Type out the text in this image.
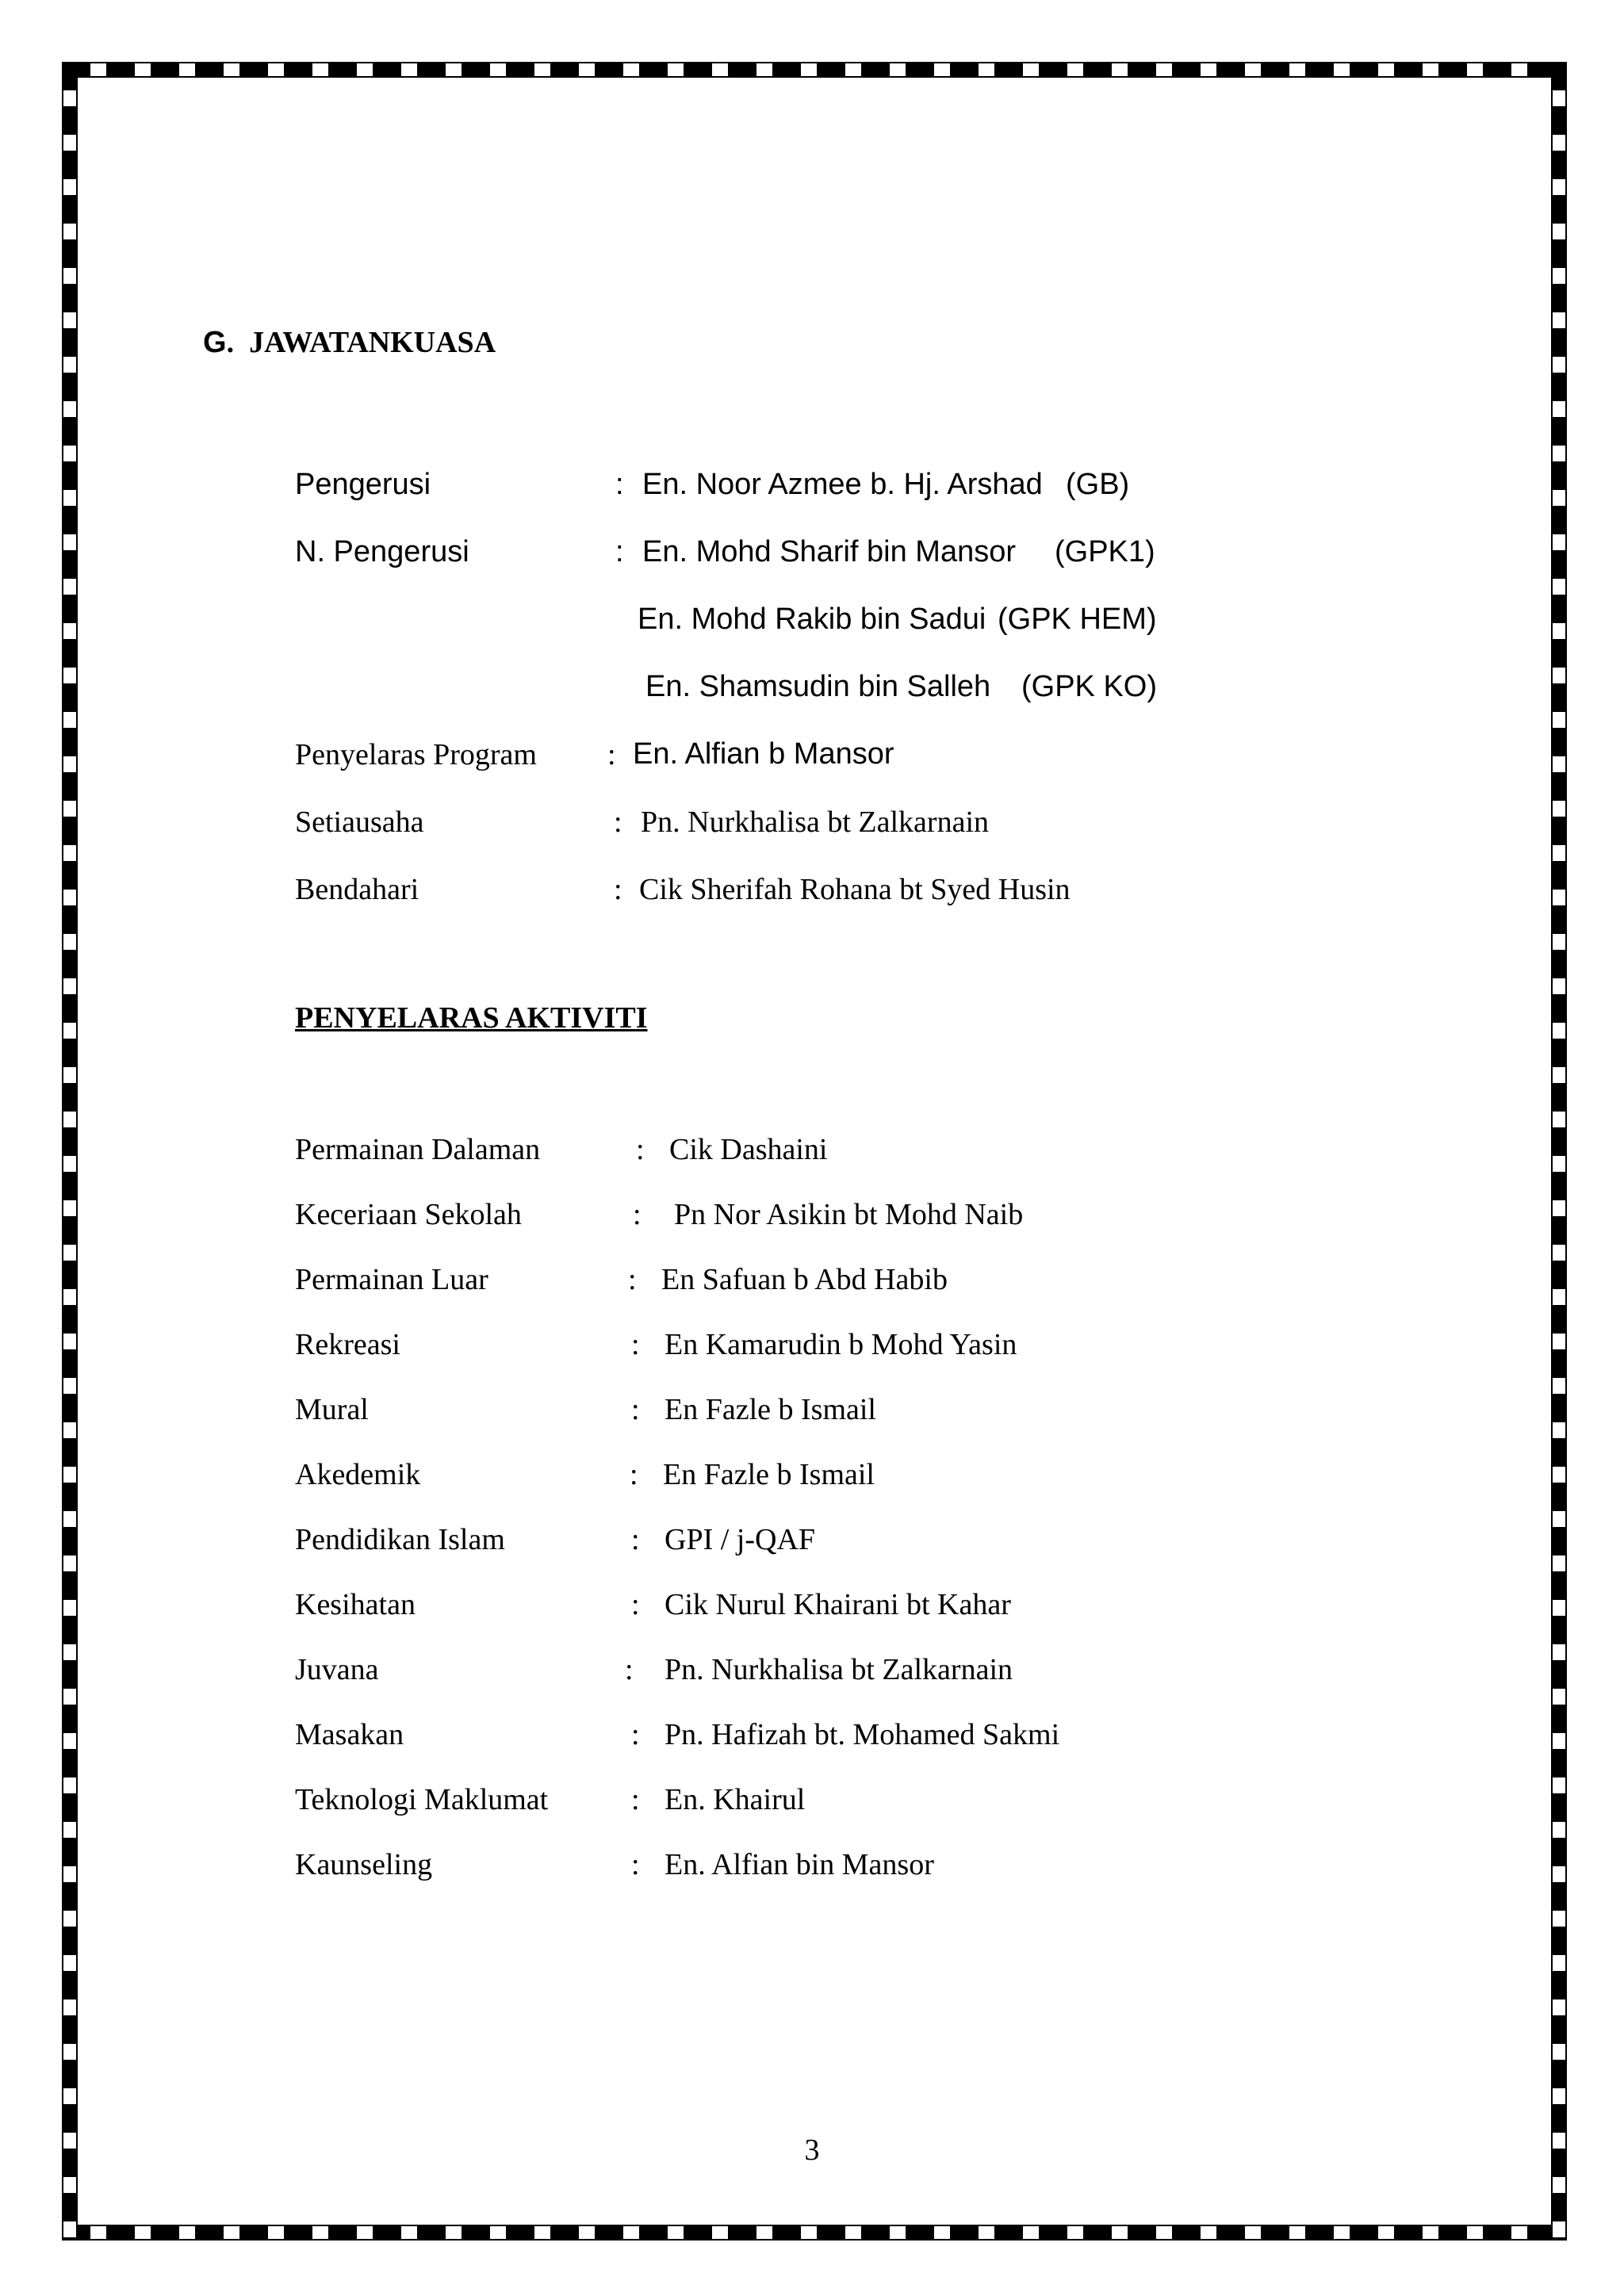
G. JAWATANKUASA
Pengerusi	: En. Noor Azmee b. Hj. Arshad (GB)
N. Pengerusi	: En. Mohd Sharif bin Mansor (GPK1)
En. Mohd Rakib bin Sadui (GPK HEM)
En. Shamsudin bin Salleh (GPK KO)
Penyelaras Program : En. Alfian b Mansor
Setiausaha	: Pn. Nurkhalisa bt Zalkarnain
Bendahari	: Cik Sherifah Rohana bt Syed Husin
PENYELARAS AKTIVITI
Permainan Dalaman	: Cik Dashaini
Keceriaan Sekolah	: Pn Nor Asikin bt Mohd Naib
Permainan Luar	: En Safuan b Abd Habib
Rekreasi	: En Kamarudin b Mohd Yasin
Mural	: En Fazle b Ismail
Akedemik	: En Fazle b Ismail
Pendidikan Islam	: GPI / j-QAF
Kesihatan	: Cik Nurul Khairani bt Kahar
Juvana	: Pn. Nurkhalisa bt Zalkarnain
Masakan	: Pn. Hafizah bt. Mohamed Sakmi
Teknologi Maklumat	: En. Khairul
Kaunseling	: En. Alfian bin Mansor
3
